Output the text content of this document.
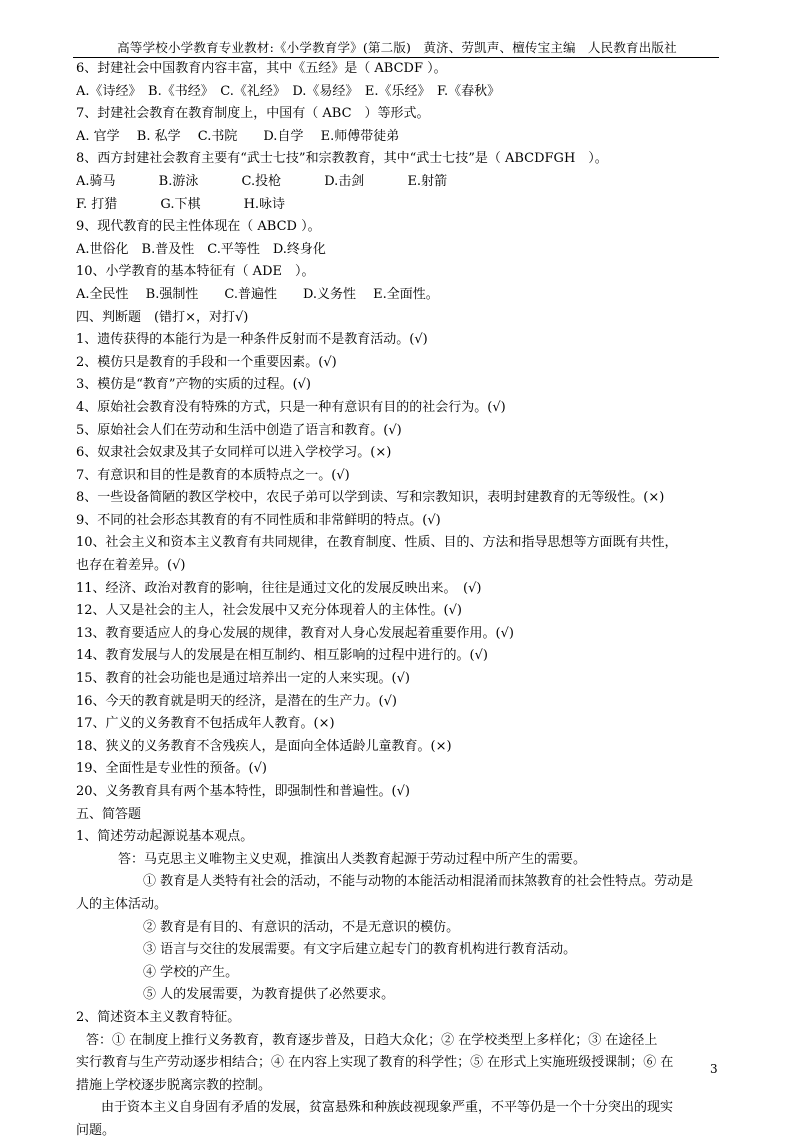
高等学校小学教育专业教材:《小学教育学》(第二版) 黄济、劳凯声、檀传宝主编 人民教育出版社
6、封建社会中国教育内容丰富，其中《五经》是（ ABCDF ）。
A.《诗经》　B.《书经》　C.《礼经》　D.《易经》　E.《乐经》　F.《春秋》
7、封建社会教育在教育制度上，中国有（ ABC　）等形式。
A. 官学　 B. 私学　 C.书院　　D.自学　 E.师傅带徒弟
8、西方封建社会教育主要有“武士七技”和宗教教育，其中“武士七技”是（ ABCDFGH　）。
A.骑马　　　 B.游泳　　　 C.投枪　　　 D.击剑　　　 E.射箭
F. 打猎　　　 G.下棋　　　 H.咏诗
9、现代教育的民主性体现在（ ABCD ）。
A.世俗化　B.普及性　C.平等性　D.终身化
10、小学教育的基本特征有（ ADE　）。
A.全民性　 B.强制性　　C.普遍性　　D.义务性　 E.全面性。
四、判断题　(错打×，对打√)
1、遗传获得的本能行为是一种条件反射而不是教育活动。(√)
2、模仿只是教育的手段和一个重要因素。(√)
3、模仿是“教育”产物的实质的过程。(√)
4、原始社会教育没有特殊的方式，只是一种有意识有目的的社会行为。(√)
5、原始社会人们在劳动和生活中创造了语言和教育。(√)
6、奴隶社会奴隶及其子女同样可以进入学校学习。(×)
7、有意识和目的性是教育的本质特点之一。(√)
8、一些设备简陋的教区学校中，农民子弟可以学到读、写和宗教知识，表明封建教育的无等级性。(×)
9、不同的社会形态其教育的有不同性质和非常鲜明的特点。(√)
10、社会主义和资本主义教育有共同规律，在教育制度、性质、目的、方法和指导思想等方面既有共性，
也存在着差异。(√)
11、经济、政治对教育的影响，往往是通过文化的发展反映出来。　(√)
12、人又是社会的主人，社会发展中又充分体现着人的主体性。(√)
13、教育要适应人的身心发展的规律，教育对人身心发展起着重要作用。(√)
14、教育发展与人的发展是在相互制约、相互影响的过程中进行的。(√)
15、教育的社会功能也是通过培养出一定的人来实现。(√)
16、今天的教育就是明天的经济，是潜在的生产力。(√)
17、广义的义务教育不包括成年人教育。(×)
18、狭义的义务教育不含残疾人，是面向全体适龄儿童教育。(×)
19、全面性是专业性的预备。(√)
20、义务教育具有两个基本特性，即强制性和普遍性。(√)
五、简答题
1、简述劳动起源说基本观点。
答：马克思主义唯物主义史观，推演出人类教育起源于劳动过程中所产生的需要。
① 教育是人类特有社会的活动，不能与动物的本能活动相混淆而抹煞教育的社会性特点。劳动是
人的主体活动。
② 教育是有目的、有意识的活动，不是无意识的模仿。
③ 语言与交往的发展需要。有文字后建立起专门的教育机构进行教育活动。
④ 学校的产生。
⑤ 人的发展需要，为教育提供了必然要求。
2、简述资本主义教育特征。
答：① 在制度上推行义务教育，教育逐步普及，日趋大众化；② 在学校类型上多样化；③ 在途径上
实行教育与生产劳动逐步相结合；④ 在内容上实现了教育的科学性；⑤ 在形式上实施班级授课制；⑥ 在
措施上学校逐步脱离宗教的控制。
由于资本主义自身固有矛盾的发展，贫富悬殊和种族歧视现象严重，不平等仍是一个十分突出的现实
问题。
3
